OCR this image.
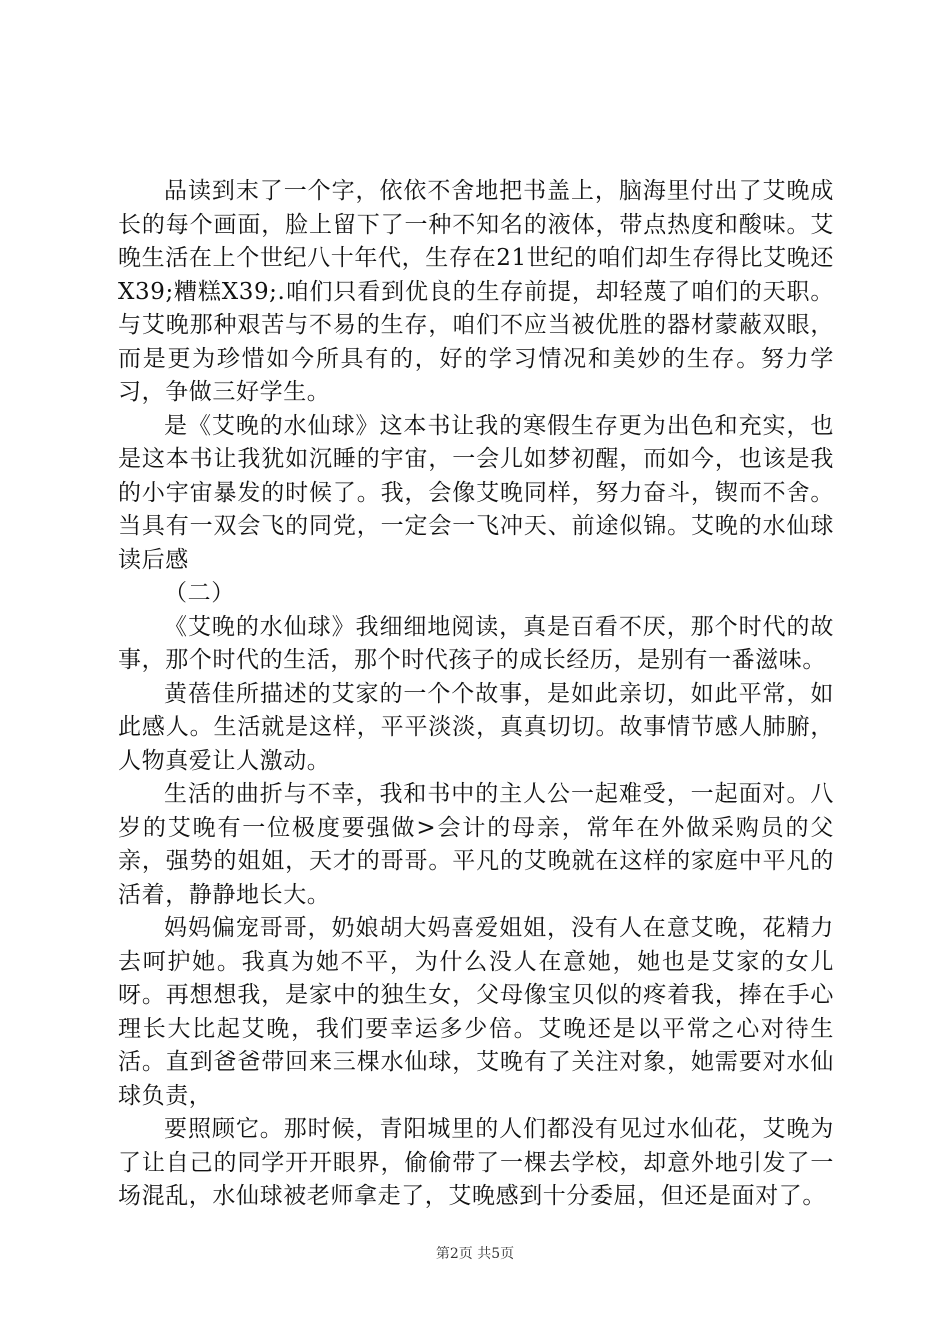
品读到末了一个字，依依不舍地把书盖上，脑海里付出了艾晚成长的每个画面，脸上留下了一种不知名的液体，带点热度和酸味。艾晚生活在上个世纪八十年代，生存在21世纪的咱们却生存得比艾晚还X39;糟糕X39;.咱们只看到优良的生存前提，却轻蔑了咱们的天职。与艾晚那种艰苦与不易的生存，咱们不应当被优胜的器材蒙蔽双眼，而是更为珍惜如今所具有的，好的学习情况和美妙的生存。努力学习，争做三好学生。

是《艾晚的水仙球》这本书让我的寒假生存更为出色和充实，也是这本书让我犹如沉睡的宇宙，一会儿如梦初醒，而如今，也该是我的小宇宙暴发的时候了。我，会像艾晚同样，努力奋斗，锲而不舍。当具有一双会飞的同党，一定会一飞冲天、前途似锦。艾晚的水仙球读后感

（二）

《艾晚的水仙球》我细细地阅读，真是百看不厌，那个时代的故事，那个时代的生活，那个时代孩子的成长经历，是别有一番滋味。

黄蓓佳所描述的艾家的一个个故事，是如此亲切，如此平常，如此感人。生活就是这样，平平淡淡，真真切切。故事情节感人肺腑，人物真爱让人激动。

生活的曲折与不幸，我和书中的主人公一起难受，一起面对。八岁的艾晚有一位极度要强做>会计的母亲，常年在外做采购员的父亲，强势的姐姐，天才的哥哥。平凡的艾晚就在这样的家庭中平凡的活着，静静地长大。

妈妈偏宠哥哥，奶娘胡大妈喜爱姐姐，没有人在意艾晚，花精力去呵护她。我真为她不平，为什么没人在意她，她也是艾家的女儿呀。再想想我，是家中的独生女，父母像宝贝似的疼着我，捧在手心理长大比起艾晚，我们要幸运多少倍。艾晚还是以平常之心对待生活。直到爸爸带回来三棵水仙球，艾晚有了关注对象，她需要对水仙球负责，

要照顾它。那时候，青阳城里的人们都没有见过水仙花，艾晚为了让自己的同学开开眼界，偷偷带了一棵去学校，却意外地引发了一场混乱，水仙球被老师拿走了，艾晚感到十分委屈，但还是面对了。

第2页 共5页
